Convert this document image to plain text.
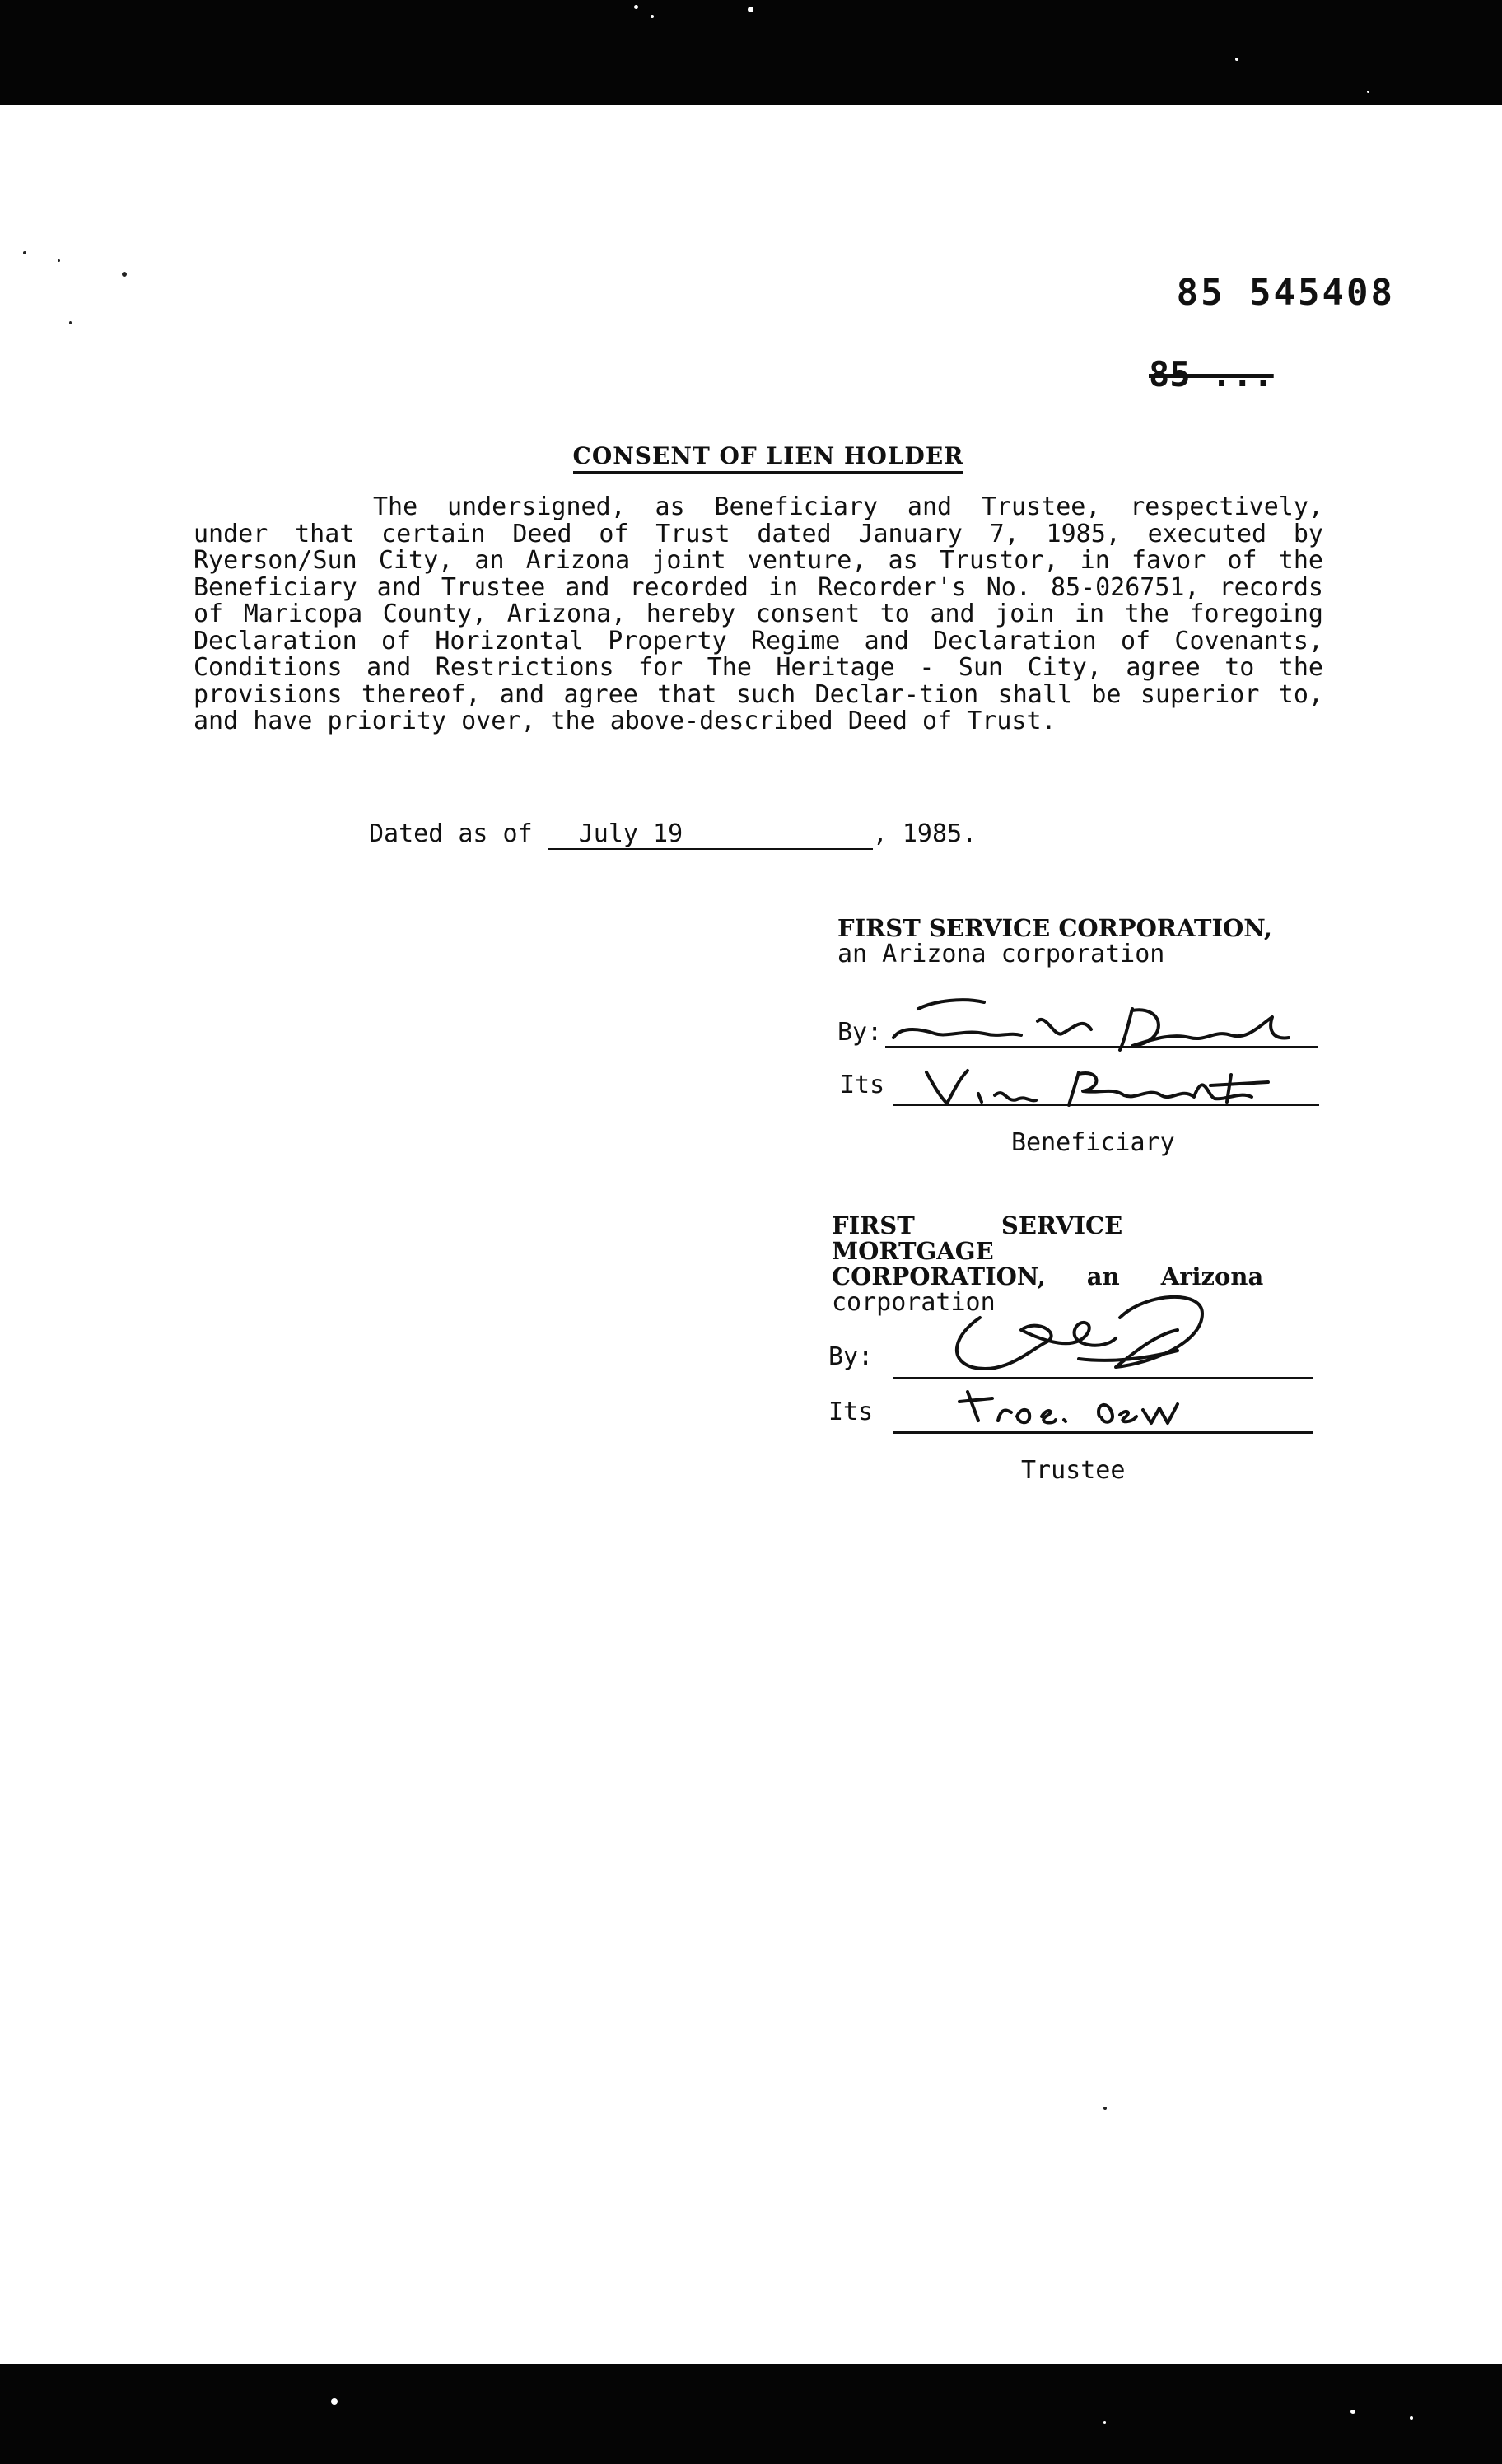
85 545408
85 ...
CONSENT OF LIEN HOLDER

The undersigned, as Beneficiary and Trustee, respectively, under that certain Deed of Trust dated January 7, 1985, executed by Ryerson/Sun City, an Arizona joint venture, as Trustor, in favor of the Beneficiary and Trustee and recorded in Recorder's No. 85-026751, records of Maricopa County, Arizona, hereby consent to and join in the foregoing Declaration of Horizontal Property Regime and Declaration of Covenants, Conditions and Restrictions for The Heritage - Sun City, agree to the provisions thereof, and agree that such Declar-tion shall be superior to, and have priority over, the above-described Deed of Trust.

Dated as of July 19	, 1985.
FIRST SERVICE CORPORATION,
an Arizona corporation
By:
Its
Beneficiary
FIRST SERVICE MORTGAGE
CORPORATION, an Arizona
corporation
By:
Its
Trustee
